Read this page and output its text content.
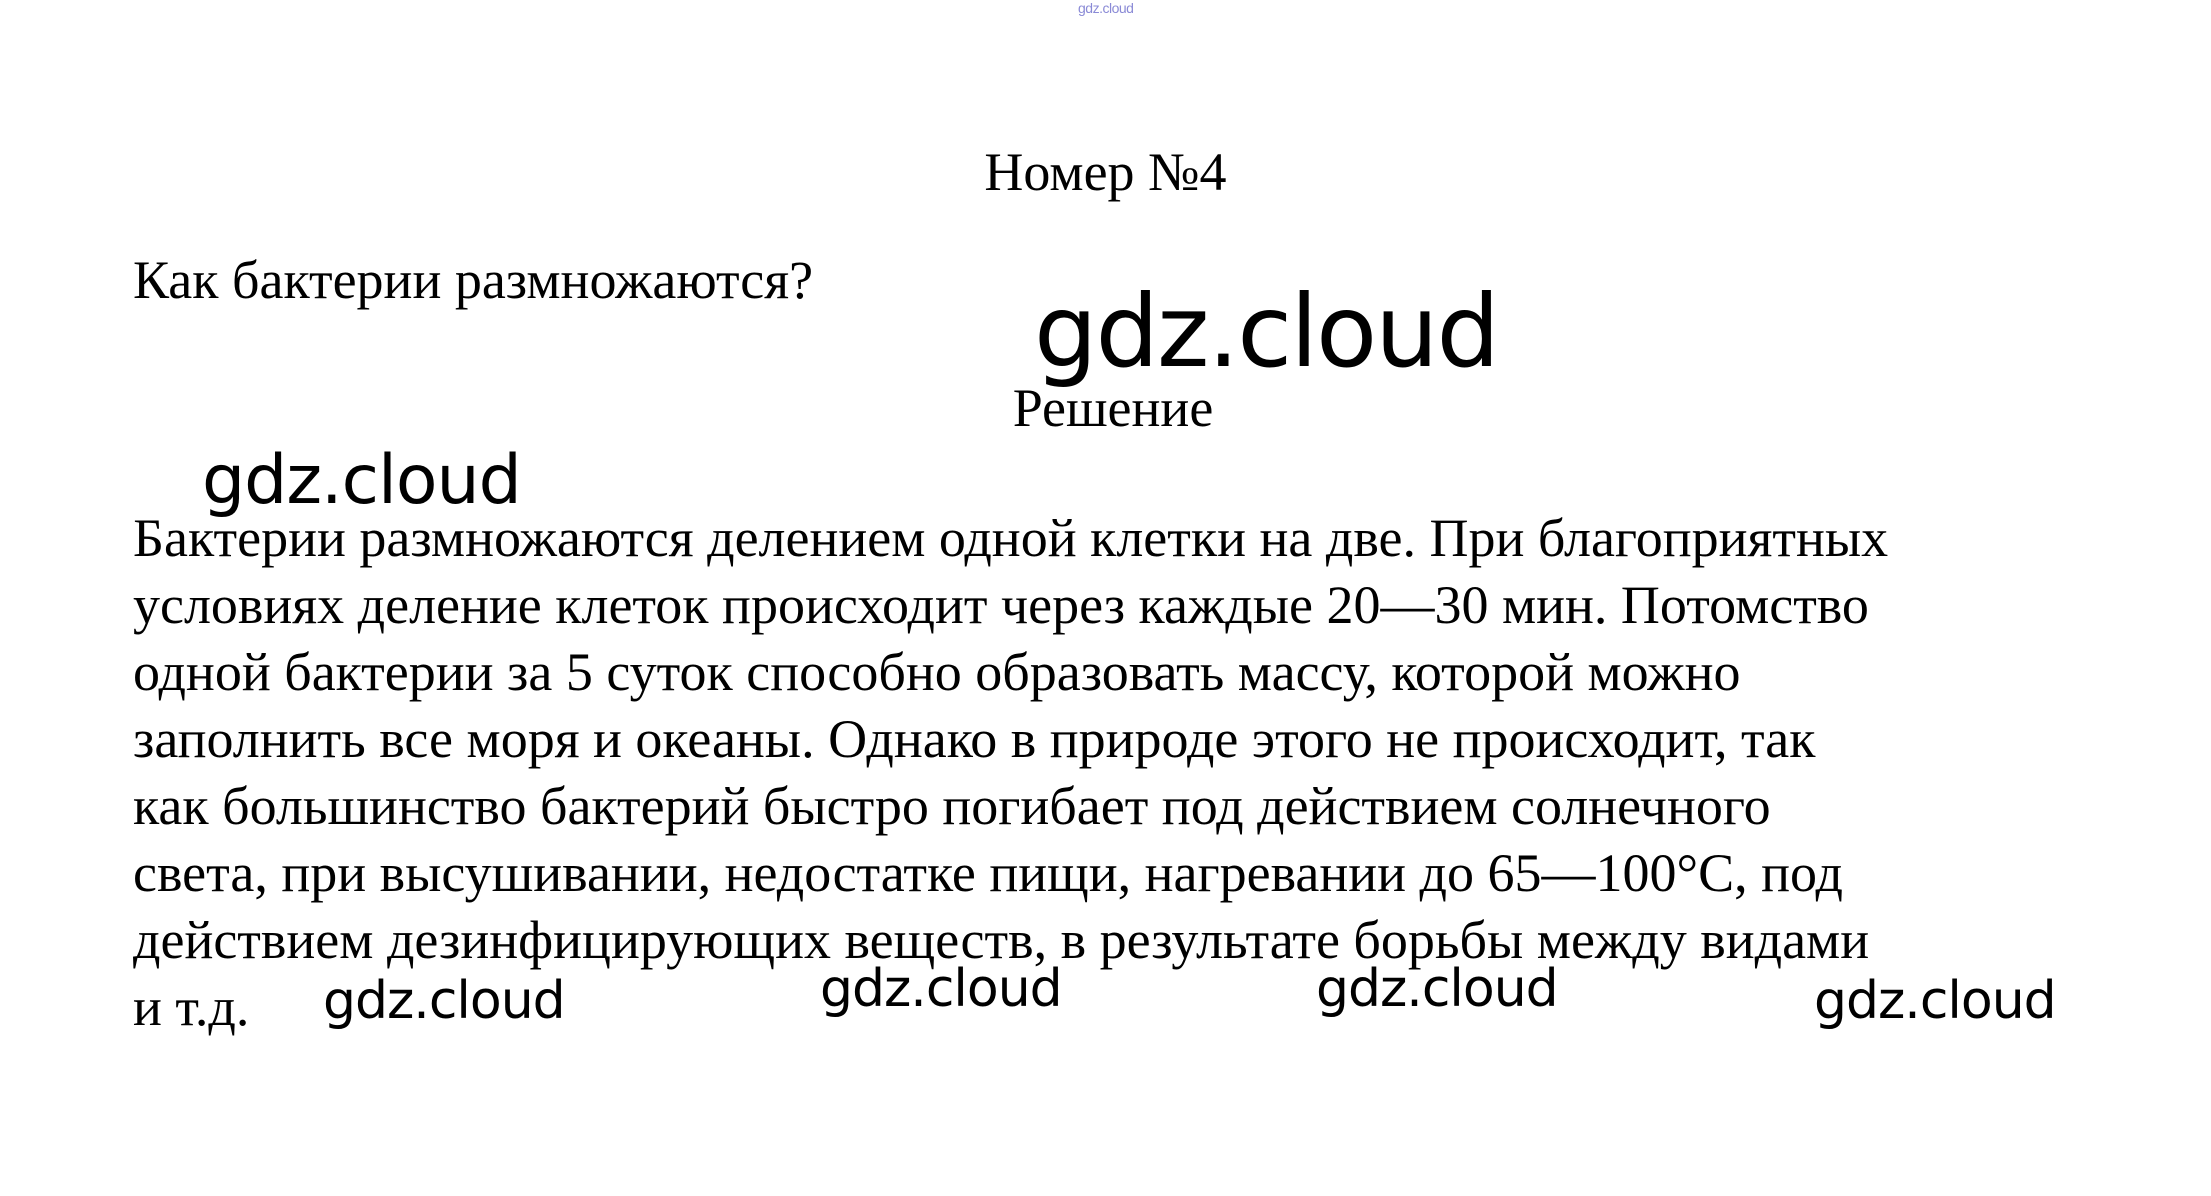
gdz.cloud
Номер №4
Как бактерии размножаются? gdz.cloud
Решение
gdz.cloud
Бактерии размножаются делением одной клетки на две. При благоприятных
условиях деление клеток происходит через каждые 20—30 мин. Потомство
одной бактерии за 5 суток способно образовать массу, которой можно
заполнить все моря и океаны. Однако в природе этого не происходит, так
как большинство бактерий быстро погибает под действием солнечного
света, при высушивании, недостатке пищи, нагревании до 65—100°С, под
действием дезинфицирующих веществ, в результате борьбы между видами
и т.д.	gdz.cloud	gdz.cloud	gdz.cloud	gdz.cloud
